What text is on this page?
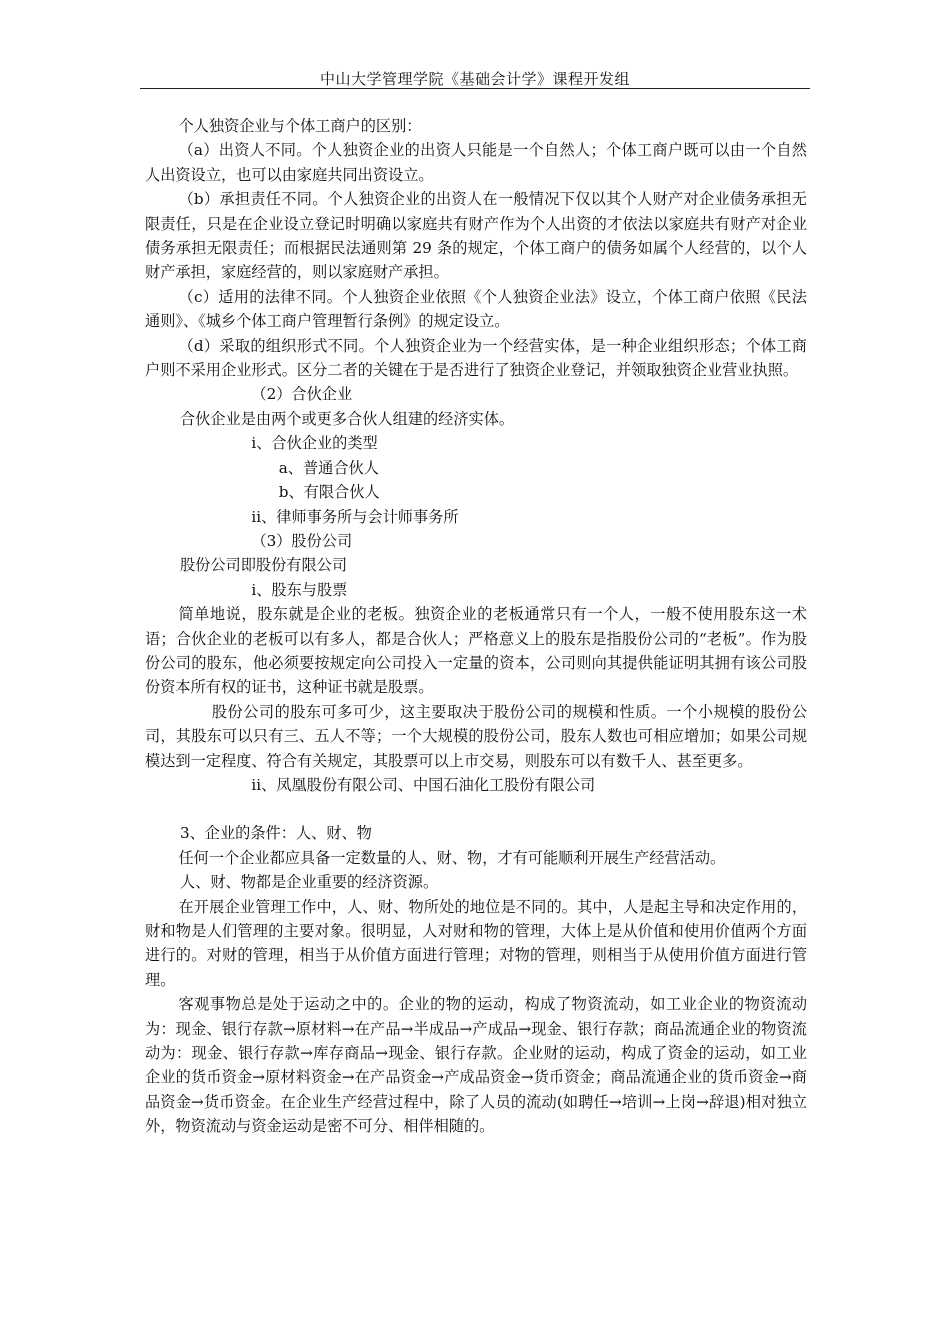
中山大学管理学院《基础会计学》课程开发组

个人独资企业与个体工商户的区别：

（a）出资人不同。个人独资企业的出资人只能是一个自然人；个体工商户既可以由一个自然人出资设立，也可以由家庭共同出资设立。

（b）承担责任不同。个人独资企业的出资人在一般情况下仅以其个人财产对企业债务承担无限责任，只是在企业设立登记时明确以家庭共有财产作为个人出资的才依法以家庭共有财产对企业债务承担无限责任；而根据民法通则第 29 条的规定，个体工商户的债务如属个人经营的，以个人财产承担，家庭经营的，则以家庭财产承担。

（c）适用的法律不同。个人独资企业依照《个人独资企业法》设立，个体工商户依照《民法通则》、《城乡个体工商户管理暂行条例》的规定设立。

（d）采取的组织形式不同。个人独资企业为一个经营实体，是一种企业组织形态；个体工商户则不采用企业形式。区分二者的关键在于是否进行了独资企业登记，并领取独资企业营业执照。

（2）合伙企业

合伙企业是由两个或更多合伙人组建的经济实体。

ⅰ、合伙企业的类型

a、普通合伙人

b、有限合伙人

ⅱ、律师事务所与会计师事务所

（3）股份公司

股份公司即股份有限公司

ⅰ、股东与股票

简单地说，股东就是企业的老板。独资企业的老板通常只有一个人，一般不使用股东这一术语；合伙企业的老板可以有多人，都是合伙人；严格意义上的股东是指股份公司的“老板”。作为股份公司的股东，他必须要按规定向公司投入一定量的资本，公司则向其提供能证明其拥有该公司股份资本所有权的证书，这种证书就是股票。

股份公司的股东可多可少，这主要取决于股份公司的规模和性质。一个小规模的股份公司，其股东可以只有三、五人不等；一个大规模的股份公司，股东人数也可相应增加；如果公司规模达到一定程度、符合有关规定，其股票可以上市交易，则股东可以有数千人、甚至更多。

ⅱ、凤凰股份有限公司、中国石油化工股份有限公司

3、企业的条件：人、财、物

任何一个企业都应具备一定数量的人、财、物，才有可能顺利开展生产经营活动。

人、财、物都是企业重要的经济资源。

在开展企业管理工作中，人、财、物所处的地位是不同的。其中，人是起主导和决定作用的，财和物是人们管理的主要对象。很明显，人对财和物的管理，大体上是从价值和使用价值两个方面进行的。对财的管理，相当于从价值方面进行管理；对物的管理，则相当于从使用价值方面进行管理。

客观事物总是处于运动之中的。企业的物的运动，构成了物资流动，如工业企业的物资流动为：现金、银行存款→原材料→在产品→半成品→产成品→现金、银行存款；商品流通企业的物资流动为：现金、银行存款→库存商品→现金、银行存款。企业财的运动，构成了资金的运动，如工业企业的货币资金→原材料资金→在产品资金→产成品资金→货币资金；商品流通企业的货币资金→商品资金→货币资金。在企业生产经营过程中，除了人员的流动(如聘任→培训→上岗→辞退)相对独立外，物资流动与资金运动是密不可分、相伴相随的。
